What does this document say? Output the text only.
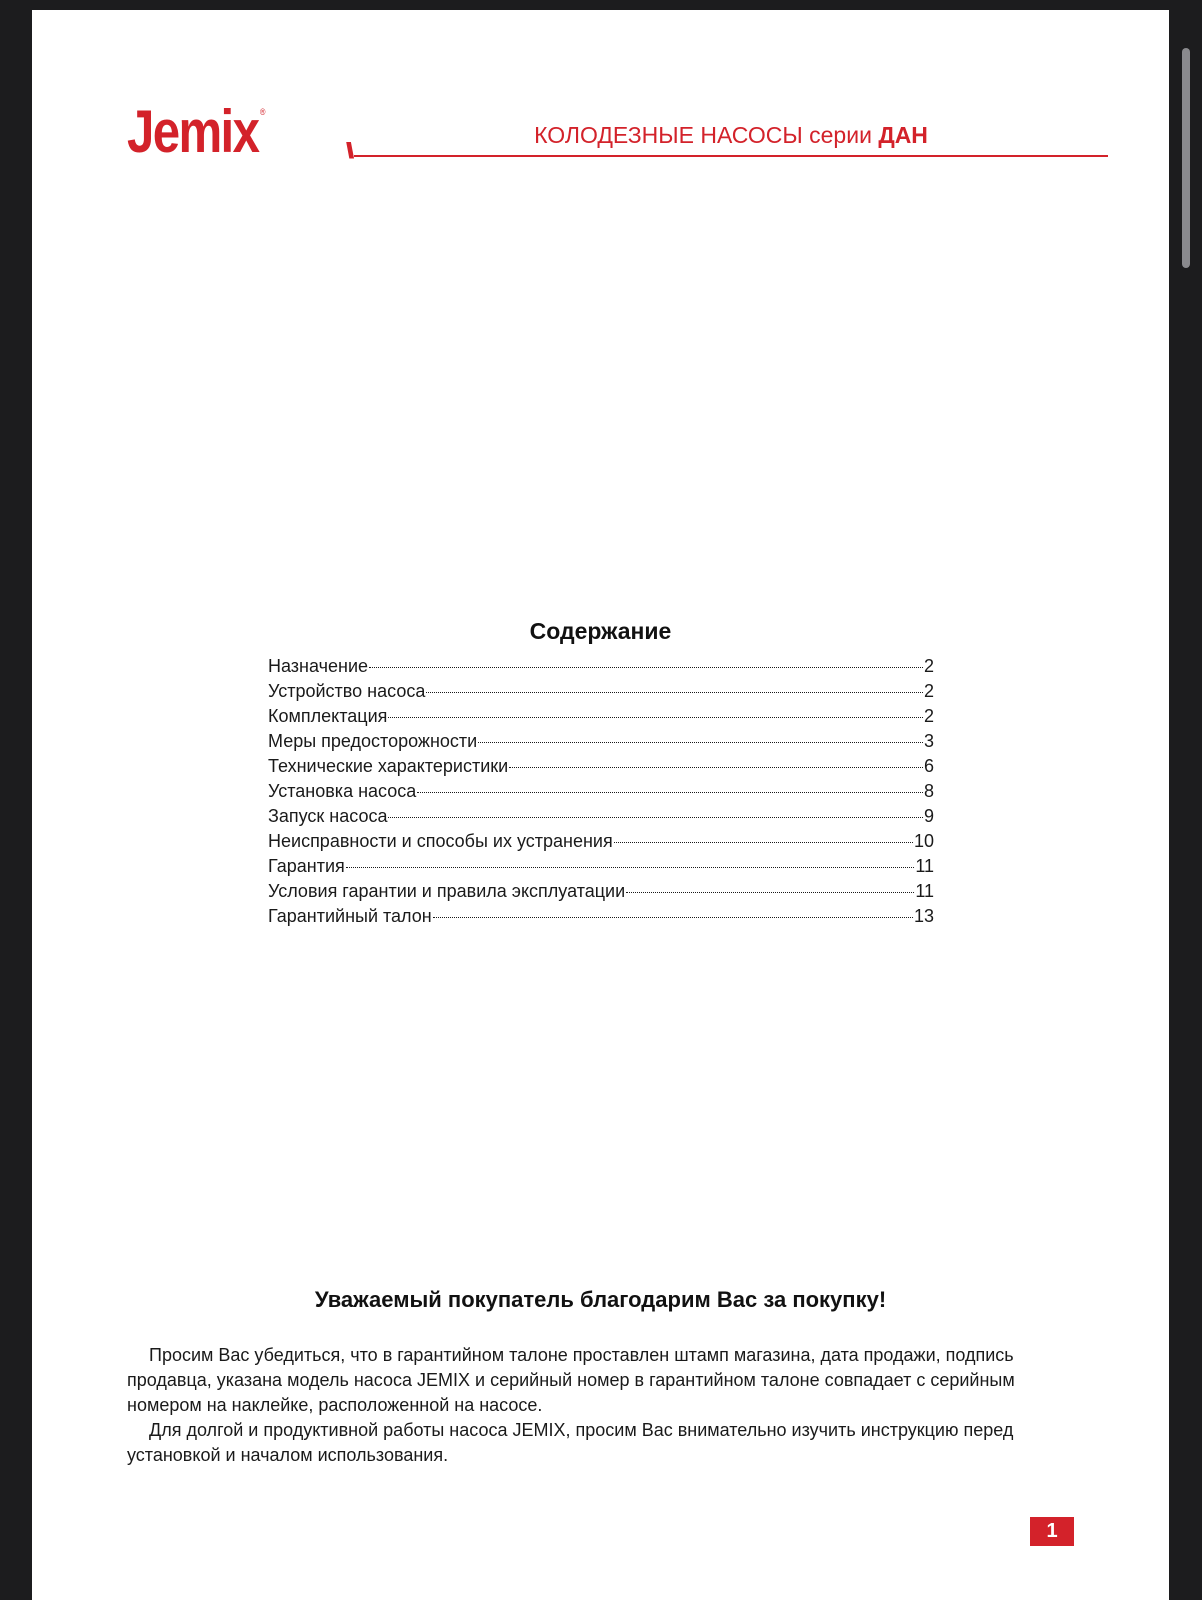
Jemix ®
\\
КОЛОДЕЗНЫЕ НАСОСЫ серии ДАН
Содержание
Назначение	2
Устройство насоса	2
Комплектация	2
Меры предосторожности	3
Технические характеристики	6
Установка насоса	8
Запуск насоса	9
Неисправности и способы их устранения	10
Гарантия	11
Условия гарантии и правила эксплуатации	11
Гарантийный талон	13
Уважаемый покупатель благодарим Вас за покупку!

Просим Вас убедиться, что в гарантийном талоне проставлен штамп магазина, дата продажи, подпись продавца, указана модель насоса JEMIX и серийный номер в гарантийном талоне совпадает с серийным номером на наклейке, расположенной на насосе.

Для долгой и продуктивной работы насоса JEMIX, просим Вас внимательно изучить инструкцию перед установкой и началом использования.

1
